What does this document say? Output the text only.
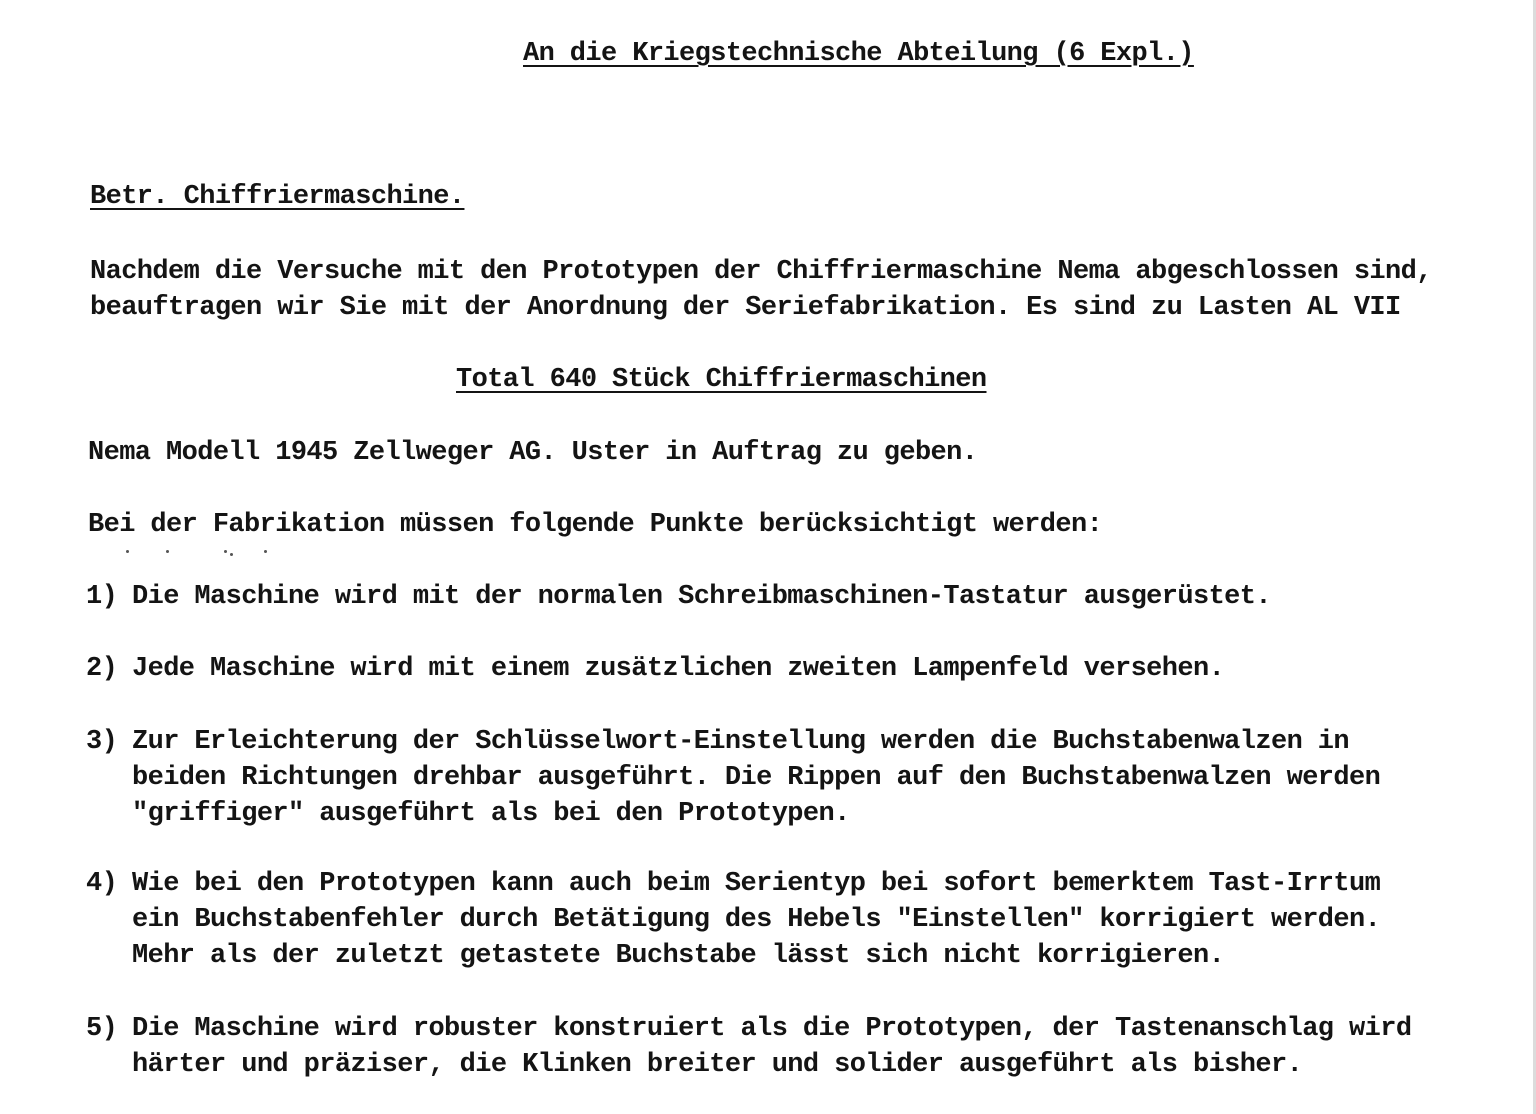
An die Kriegstechnische Abteilung (6 Expl.)
Betr. Chiffriermaschine.
Nachdem die Versuche mit den Prototypen der Chiffriermaschine Nema abgeschlossen sind,
beauftragen wir Sie mit der Anordnung der Seriefabrikation. Es sind zu Lasten AL VII
Total 640 Stück Chiffriermaschinen
Nema Modell 1945 Zellweger AG. Uster in Auftrag zu geben.
Bei der Fabrikation müssen folgende Punkte berücksichtigt werden:
1) Die Maschine wird mit der normalen Schreibmaschinen-Tastatur ausgerüstet.
2) Jede Maschine wird mit einem zusätzlichen zweiten Lampenfeld versehen.
3) Zur Erleichterung der Schlüsselwort-Einstellung werden die Buchstabenwalzen in
beiden Richtungen drehbar ausgeführt. Die Rippen auf den Buchstabenwalzen werden
"griffiger" ausgeführt als bei den Prototypen.
4) Wie bei den Prototypen kann auch beim Serientyp bei sofort bemerktem Tast-Irrtum
ein Buchstabenfehler durch Betätigung des Hebels "Einstellen" korrigiert werden.
Mehr als der zuletzt getastete Buchstabe lässt sich nicht korrigieren.
5) Die Maschine wird robuster konstruiert als die Prototypen, der Tastenanschlag wird
härter und präziser, die Klinken breiter und solider ausgeführt als bisher.
